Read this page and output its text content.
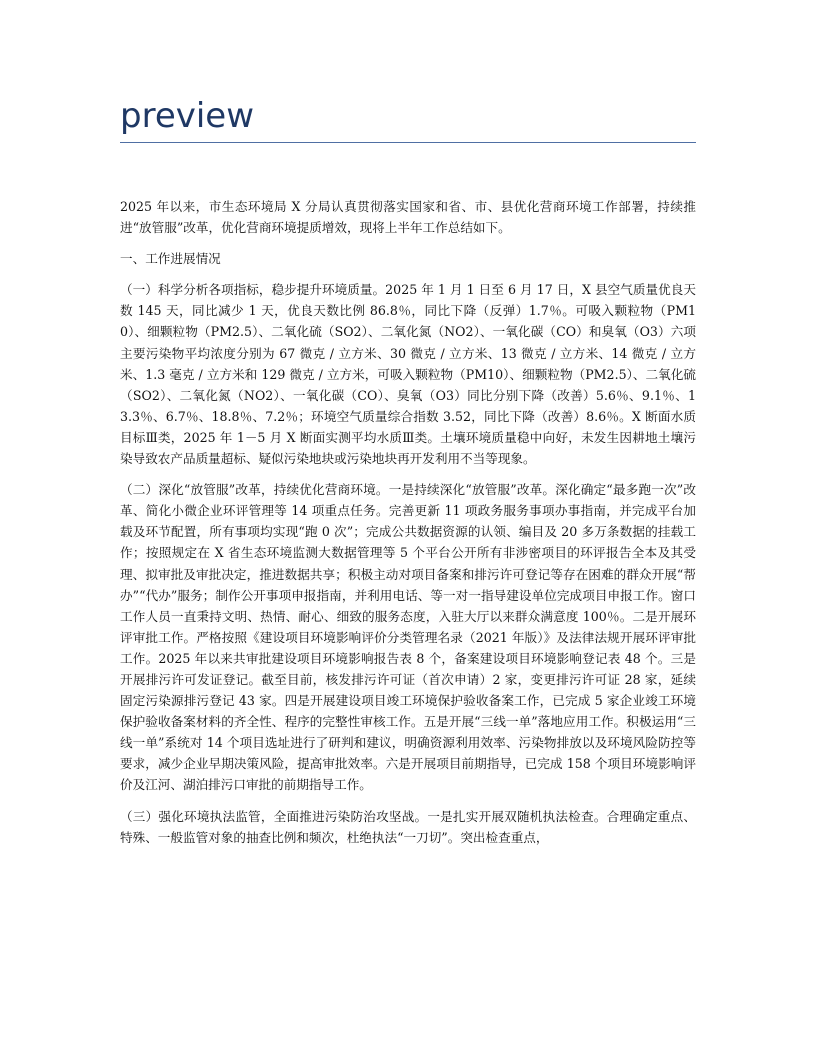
preview

2025 年以来，市生态环境局 X 分局认真贯彻落实国家和省、市、县优化营商环境工作部署，持续推进“放管服”改革，优化营商环境提质增效，现将上半年工作总结如下。

一、工作进展情况

（一）科学分析各项指标，稳步提升环境质量。2025 年 1 月 1 日至 6 月 17 日，X 县空气质量优良天数 145 天，同比减少 1 天，优良天数比例 86.8％，同比下降（反弹）1.7％。可吸入颗粒物（PM10）、细颗粒物（PM2.5）、二氧化硫（SO2）、二氧化氮（NO2）、一氧化碳（CO）和臭氧（O3）六项主要污染物平均浓度分别为 67 微克 / 立方米、30 微克 / 立方米、13 微克 / 立方米、14 微克 / 立方米、1.3 毫克 / 立方米和 129 微克 / 立方米，可吸入颗粒物（PM10）、细颗粒物（PM2.5）、二氧化硫（SO2）、二氧化氮（NO2）、一氧化碳（CO）、臭氧（O3）同比分别下降（改善）5.6％、9.1％、13.3％、6.7％、18.8％、7.2％；环境空气质量综合指数 3.52，同比下降（改善）8.6％。X 断面水质目标Ⅲ类，2025 年 1－5 月 X 断面实测平均水质Ⅲ类。土壤环境质量稳中向好，未发生因耕地土壤污染导致农产品质量超标、疑似污染地块或污染地块再开发利用不当等现象。

（二）深化“放管服”改革，持续优化营商环境。一是持续深化“放管服”改革。深化确定“最多跑一次”改革、简化小微企业环评管理等 14 项重点任务。完善更新 11 项政务服务事项办事指南，并完成平台加载及环节配置，所有事项均实现“跑 0 次”；完成公共数据资源的认领、编目及 20 多万条数据的挂载工作；按照规定在 X 省生态环境监测大数据管理等 5 个平台公开所有非涉密项目的环评报告全本及其受理、拟审批及审批决定，推进数据共享；积极主动对项目备案和排污许可登记等存在困难的群众开展“帮办”“代办”服务；制作公开事项申报指南，并利用电话、等一对一指导建设单位完成项目申报工作。窗口工作人员一直秉持文明、热情、耐心、细致的服务态度，入驻大厅以来群众满意度 100％。二是开展环评审批工作。严格按照《建设项目环境影响评价分类管理名录（2021 年版）》及法律法规开展环评审批工作。2025 年以来共审批建设项目环境影响报告表 8 个，备案建设项目环境影响登记表 48 个。三是开展排污许可发证登记。截至目前，核发排污许可证（首次申请）2 家，变更排污许可证 28 家，延续固定污染源排污登记 43 家。四是开展建设项目竣工环境保护验收备案工作，已完成 5 家企业竣工环境保护验收备案材料的齐全性、程序的完整性审核工作。五是开展“三线一单”落地应用工作。积极运用“三线一单”系统对 14 个项目选址进行了研判和建议，明确资源利用效率、污染物排放以及环境风险防控等要求，减少企业早期决策风险，提高审批效率。六是开展项目前期指导，已完成 158 个项目环境影响评价及江河、湖泊排污口审批的前期指导工作。

（三）强化环境执法监管，全面推进污染防治攻坚战。一是扎实开展双随机执法检查。合理确定重点、特殊、一般监管对象的抽查比例和频次，杜绝执法“一刀切”。突出检查重点，
